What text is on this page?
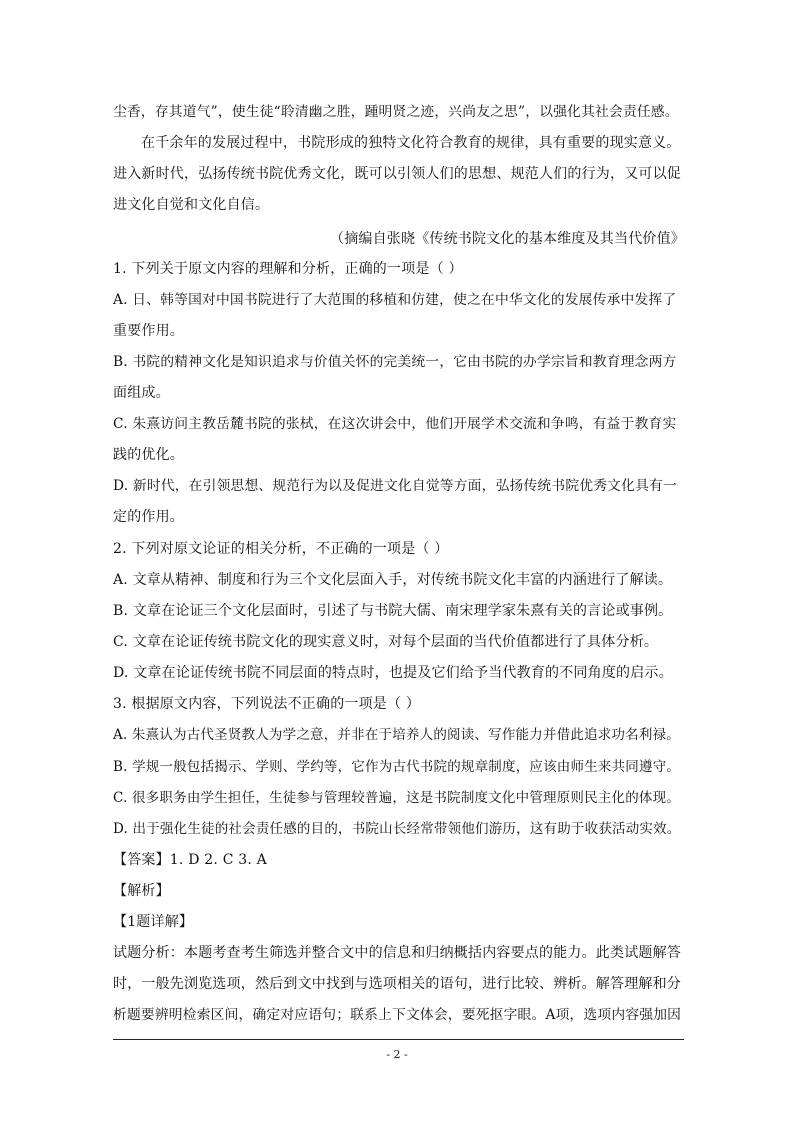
尘香，存其道气”，使生徒“聆清幽之胜，踵明贤之迹，兴尚友之思”，以强化其社会责任感。
在千余年的发展过程中，书院形成的独特文化符合教育的规律，具有重要的现实意义。
进入新时代，弘扬传统书院优秀文化，既可以引领人们的思想、规范人们的行为，又可以促
进文化自觉和文化自信。
（摘编自张晓《传统书院文化的基本维度及其当代价值》
1. 下列关于原文内容的理解和分析，正确的一项是（ ）
A. 日、韩等国对中国书院进行了大范围的移植和仿建，使之在中华文化的发展传承中发挥了
重要作用。
B. 书院的精神文化是知识追求与价值关怀的完美统一，它由书院的办学宗旨和教育理念两方
面组成。
C. 朱熹访问主教岳麓书院的张栻，在这次讲会中，他们开展学术交流和争鸣，有益于教育实
践的优化。
D. 新时代，在引领思想、规范行为以及促进文化自觉等方面，弘扬传统书院优秀文化具有一
定的作用。
2. 下列对原文论证的相关分析，不正确的一项是（ ）
A. 文章从精神、制度和行为三个文化层面入手，对传统书院文化丰富的内涵进行了解读。
B. 文章在论证三个文化层面时，引述了与书院大儒、南宋理学家朱熹有关的言论或事例。
C. 文章在论证传统书院文化的现实意义时，对每个层面的当代价值都进行了具体分析。
D. 文章在论证传统书院不同层面的特点时，也提及它们给予当代教育的不同角度的启示。
3. 根据原文内容，下列说法不正确的一项是（ ）
A. 朱熹认为古代圣贤教人为学之意，并非在于培养人的阅读、写作能力并借此追求功名利禄。
B. 学规一般包括揭示、学则、学约等，它作为古代书院的规章制度，应该由师生来共同遵守。
C. 很多职务由学生担任，生徒参与管理较普遍，这是书院制度文化中管理原则民主化的体现。
D. 出于强化生徒的社会责任感的目的，书院山长经常带领他们游历，这有助于收获活动实效。
【答案】1. D 2. C 3. A
【解析】
【1题详解】
试题分析：本题考查考生筛选并整合文中的信息和归纳概括内容要点的能力。此类试题解答
时，一般先浏览选项，然后到文中找到与选项相关的语句，进行比较、辨析。解答理解和分
析题要辨明检索区间，确定对应语句；联系上下文体会，要死抠字眼。A项，选项内容强加因
- 2 -
